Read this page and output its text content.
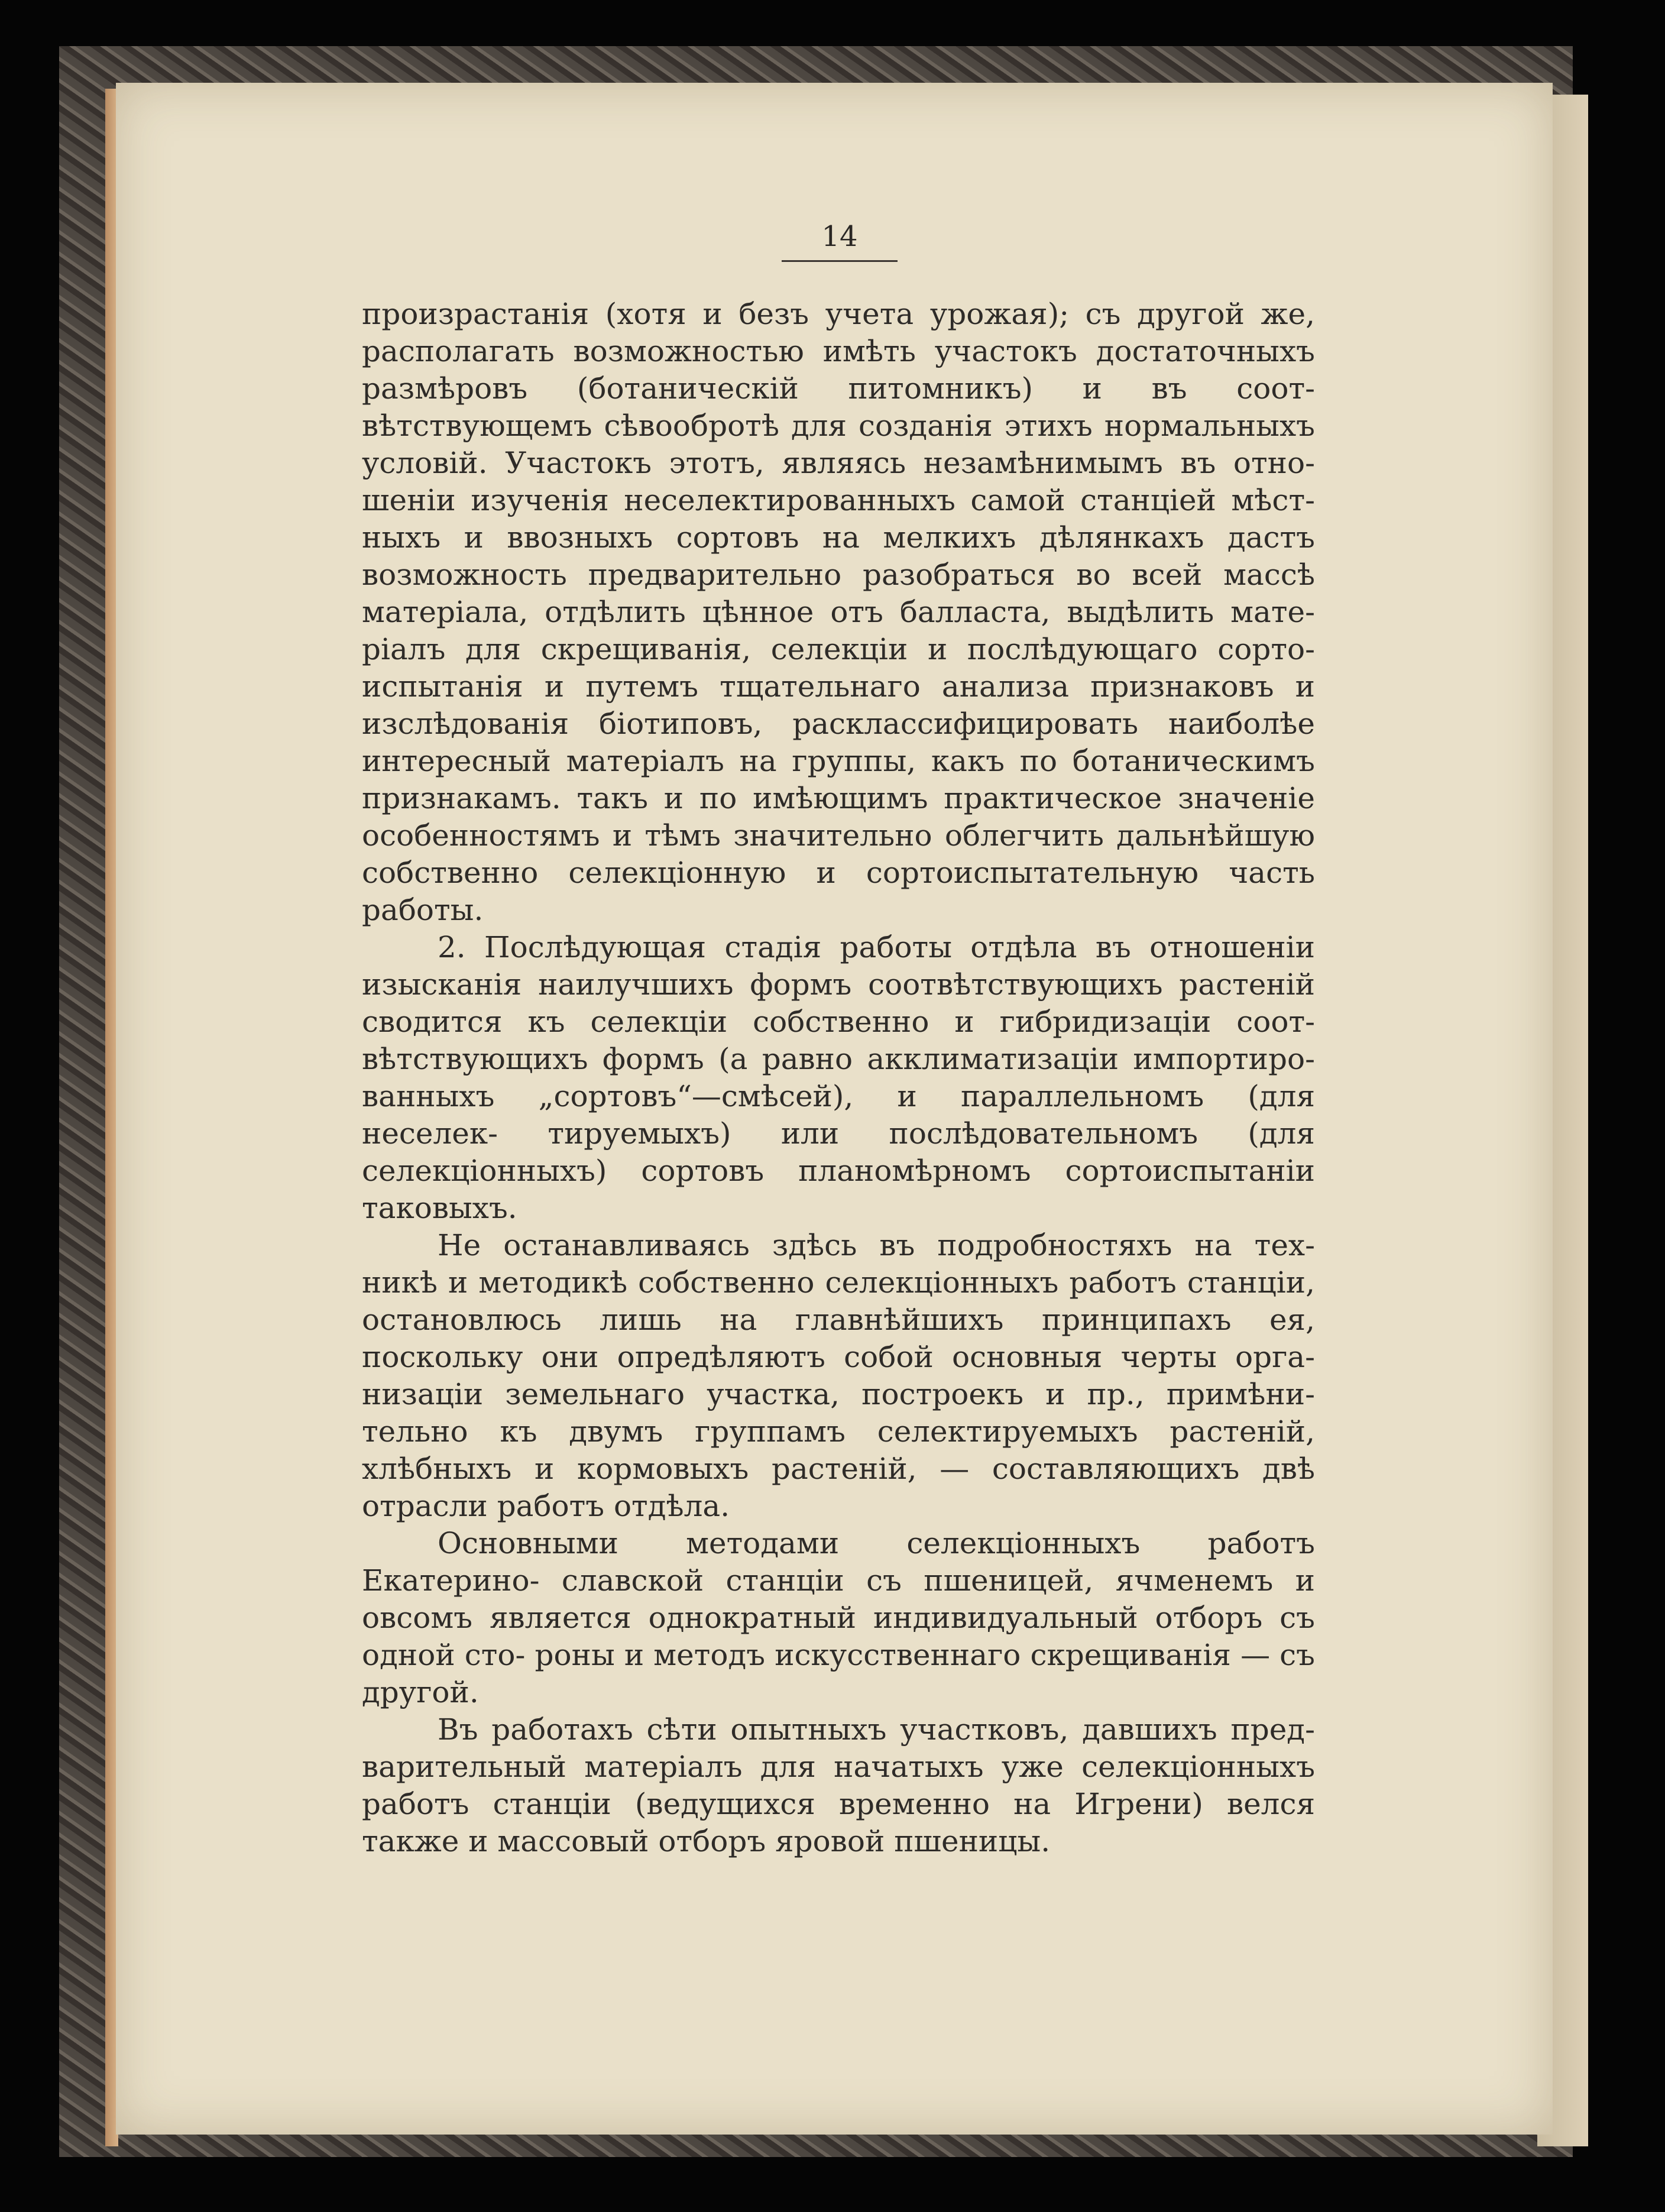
14

произрастанія (хотя и безъ учета урожая); съ другой же, располагать возможностью имѣть участокъ достаточныхъ размѣровъ (ботаническій питомникъ) и въ соот- вѣтствующемъ сѣвообротѣ для созданія этихъ нормальныхъ условій. Участокъ этотъ, являясь незамѣнимымъ въ отно- шеніи изученія неселектированныхъ самой станціей мѣст- ныхъ и ввозныхъ сортовъ на мелкихъ дѣлянкахъ дастъ возможность предварительно разобраться во всей массѣ матеріала, отдѣлить цѣнное отъ балласта, выдѣлить мате- ріалъ для скрещиванія, селекціи и послѣдующаго сорто- испытанія и путемъ тщательнаго анализа признаковъ и изслѣдованія біотиповъ, расклассифицировать наиболѣе интересный матеріалъ на группы, какъ по ботаническимъ признакамъ. такъ и по имѣющимъ практическое значеніе особенностямъ и тѣмъ значительно облегчить дальнѣйшую собственно селекціонную и сортоиспытательную часть работы.

2. Послѣдующая стадія работы отдѣла въ отношеніи изысканія наилучшихъ формъ соотвѣтствующихъ растеній сводится къ селекціи собственно и гибридизаціи соот- вѣтствующихъ формъ (а равно акклиматизаціи импортиро- ванныхъ „сортовъ“—смѣсей), и параллельномъ (для неселек- тируемыхъ) или послѣдовательномъ (для селекціонныхъ) сортовъ планомѣрномъ сортоиспытаніи таковыхъ.

Не останавливаясь здѣсь въ подробностяхъ на тех- никѣ и методикѣ собственно селекціонныхъ работъ станціи, остановлюсь лишь на главнѣйшихъ принципахъ ея, поскольку они опредѣляютъ собой основныя черты орга- низаціи земельнаго участка, построекъ и пр., примѣни- тельно къ двумъ группамъ селектируемыхъ растеній, хлѣбныхъ и кормовыхъ растеній, — составляющихъ двѣ отрасли работъ отдѣла.

Основными методами селекціонныхъ работъ Екатерино- славской станціи съ пшеницей, ячменемъ и овсомъ является однократный индивидуальный отборъ съ одной сто- роны и методъ искусственнаго скрещиванія — съ другой.

Въ работахъ сѣти опытныхъ участковъ, давшихъ пред- варительный матеріалъ для начатыхъ уже селекціонныхъ работъ станціи (ведущихся временно на Игрени) велся также и массовый отборъ яровой пшеницы.
